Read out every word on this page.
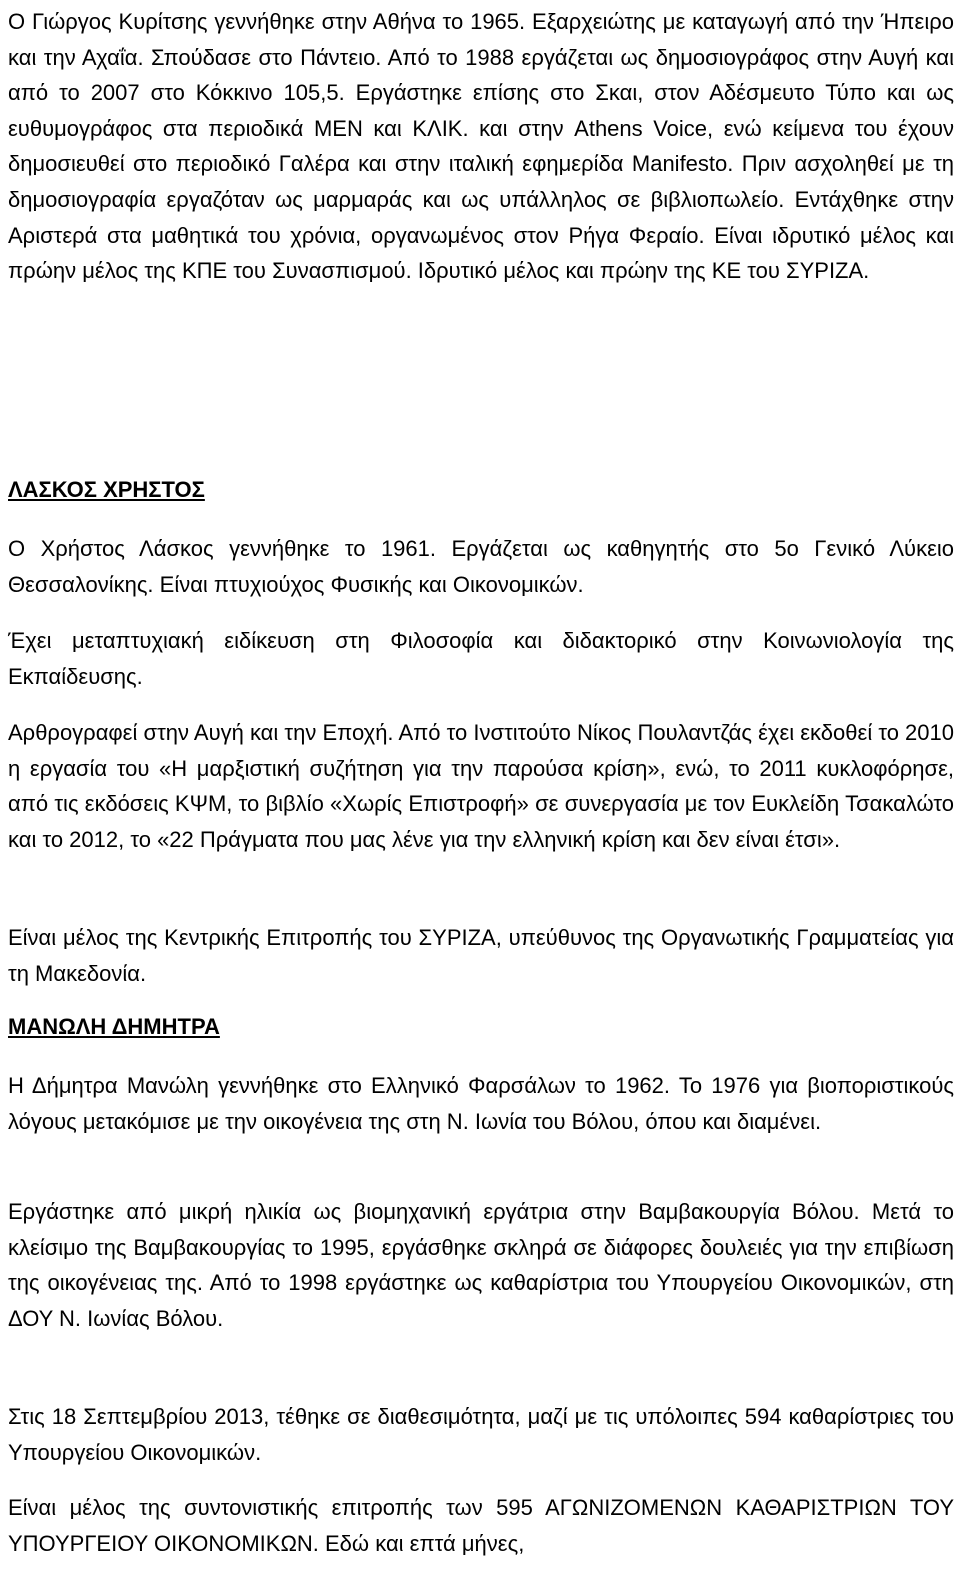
Ο Γιώργος Κυρίτσης γεννήθηκε στην Αθήνα το 1965. Εξαρχειώτης με καταγωγή από την Ήπειρο και την Αχαΐα. Σπούδασε στο Πάντειο. Από το 1988 εργάζεται ως δημοσιογράφος στην Αυγή και από το 2007 στο Κόκκινο 105,5. Εργάστηκε επίσης στο Σκαι, στον Αδέσμευτο Τύπο και ως ευθυμογράφος στα περιοδικά ΜΕΝ και ΚΛΙΚ. και στην Athens Voice, ενώ κείμενα του έχουν δημοσιευθεί στο περιοδικό Γαλέρα και στην ιταλική εφημερίδα Manifesto. Πριν ασχοληθεί με τη δημοσιογραφία εργαζόταν ως μαρμαράς και ως υπάλληλος σε βιβλιοπωλείο. Εντάχθηκε στην Αριστερά στα μαθητικά του χρόνια, οργανωμένος στον Ρήγα Φεραίο. Είναι ιδρυτικό μέλος και πρώην μέλος της ΚΠΕ του Συνασπισμού. Ιδρυτικό μέλος και πρώην της ΚΕ του ΣΥΡΙΖΑ.

ΛΑΣΚΟΣ ΧΡΗΣΤΟΣ

Ο Χρήστος Λάσκος γεννήθηκε το 1961. Εργάζεται ως καθηγητής στο 5ο Γενικό Λύκειο Θεσσαλονίκης. Είναι πτυχιούχος Φυσικής και Οικονομικών.

Έχει μεταπτυχιακή ειδίκευση στη Φιλοσοφία και διδακτορικό στην Κοινωνιολογία της Εκπαίδευσης.

Αρθρογραφεί στην Αυγή και την Εποχή. Από το Ινστιτούτο Νίκος Πουλαντζάς έχει εκδοθεί το 2010 η εργασία του «Η μαρξιστική συζήτηση για την παρούσα κρίση», ενώ, το 2011 κυκλοφόρησε, από τις εκδόσεις ΚΨΜ, το βιβλίο «Χωρίς Επιστροφή» σε συνεργασία με τον Ευκλείδη Τσακαλώτο και το 2012, το «22 Πράγματα που μας λένε για την ελληνική κρίση και δεν είναι έτσι».

Είναι μέλος της Κεντρικής Επιτροπής του ΣΥΡΙΖΑ, υπεύθυνος της Οργανωτικής Γραμματείας για τη Μακεδονία.

ΜΑΝΩΛΗ ΔΗΜΗΤΡΑ

Η Δήμητρα Μανώλη γεννήθηκε στο Ελληνικό Φαρσάλων το 1962. Το 1976 για βιοποριστικούς λόγους μετακόμισε με την οικογένεια της στη Ν. Ιωνία του Βόλου, όπου και διαμένει.

Εργάστηκε από μικρή ηλικία ως βιομηχανική εργάτρια στην Βαμβακουργία Βόλου. Μετά το κλείσιμο της Βαμβακουργίας το 1995, εργάσθηκε σκληρά σε διάφορες δουλειές για την επιβίωση της οικογένειας της. Από το 1998 εργάστηκε ως καθαρίστρια του Υπουργείου Οικονομικών, στη ΔΟΥ Ν. Ιωνίας Βόλου.

Στις 18 Σεπτεμβρίου 2013, τέθηκε σε διαθεσιμότητα, μαζί με τις υπόλοιπες 594 καθαρίστριες του Υπουργείου Οικονομικών.

Είναι μέλος της συντονιστικής επιτροπής των 595 ΑΓΩΝΙΖΟΜΕΝΩΝ ΚΑΘΑΡΙΣΤΡΙΩΝ ΤΟΥ ΥΠΟΥΡΓΕΙΟΥ ΟΙΚΟΝΟΜΙΚΩΝ. Εδώ και επτά μήνες,
